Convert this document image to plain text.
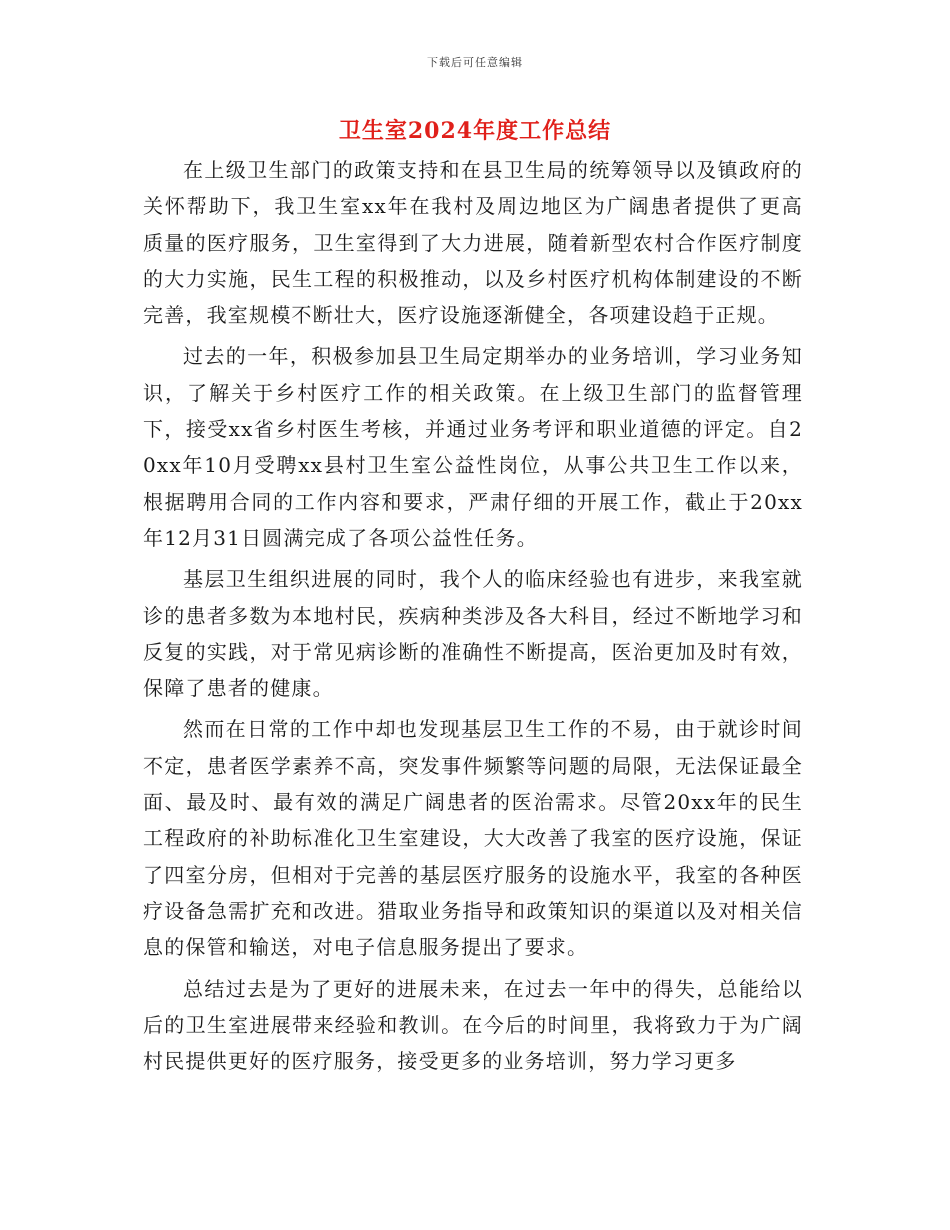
下载后可任意编辑
卫生室2024年度工作总结

在上级卫生部门的政策支持和在县卫生局的统筹领导以及镇政府的关怀帮助下，我卫生室xx年在我村及周边地区为广阔患者提供了更高质量的医疗服务，卫生室得到了大力进展，随着新型农村合作医疗制度的大力实施，民生工程的积极推动，以及乡村医疗机构体制建设的不断完善，我室规模不断壮大，医疗设施逐渐健全，各项建设趋于正规。

过去的一年，积极参加县卫生局定期举办的业务培训，学习业务知识，了解关于乡村医疗工作的相关政策。在上级卫生部门的监督管理下，接受xx省乡村医生考核，并通过业务考评和职业道德的评定。自20xx年10月受聘xx县村卫生室公益性岗位，从事公共卫生工作以来，根据聘用合同的工作内容和要求，严肃仔细的开展工作，截止于20xx年12月31日圆满完成了各项公益性任务。

基层卫生组织进展的同时，我个人的临床经验也有进步，来我室就诊的患者多数为本地村民，疾病种类涉及各大科目，经过不断地学习和反复的实践，对于常见病诊断的准确性不断提高，医治更加及时有效，保障了患者的健康。

然而在日常的工作中却也发现基层卫生工作的不易，由于就诊时间不定，患者医学素养不高，突发事件频繁等问题的局限，无法保证最全面、最及时、最有效的满足广阔患者的医治需求。尽管20xx年的民生工程政府的补助标准化卫生室建设，大大改善了我室的医疗设施，保证了四室分房，但相对于完善的基层医疗服务的设施水平，我室的各种医疗设备急需扩充和改进。猎取业务指导和政策知识的渠道以及对相关信息的保管和输送，对电子信息服务提出了要求。

总结过去是为了更好的进展未来，在过去一年中的得失，总能给以后的卫生室进展带来经验和教训。在今后的时间里，我将致力于为广阔村民提供更好的医疗服务，接受更多的业务培训，努力学习更多
